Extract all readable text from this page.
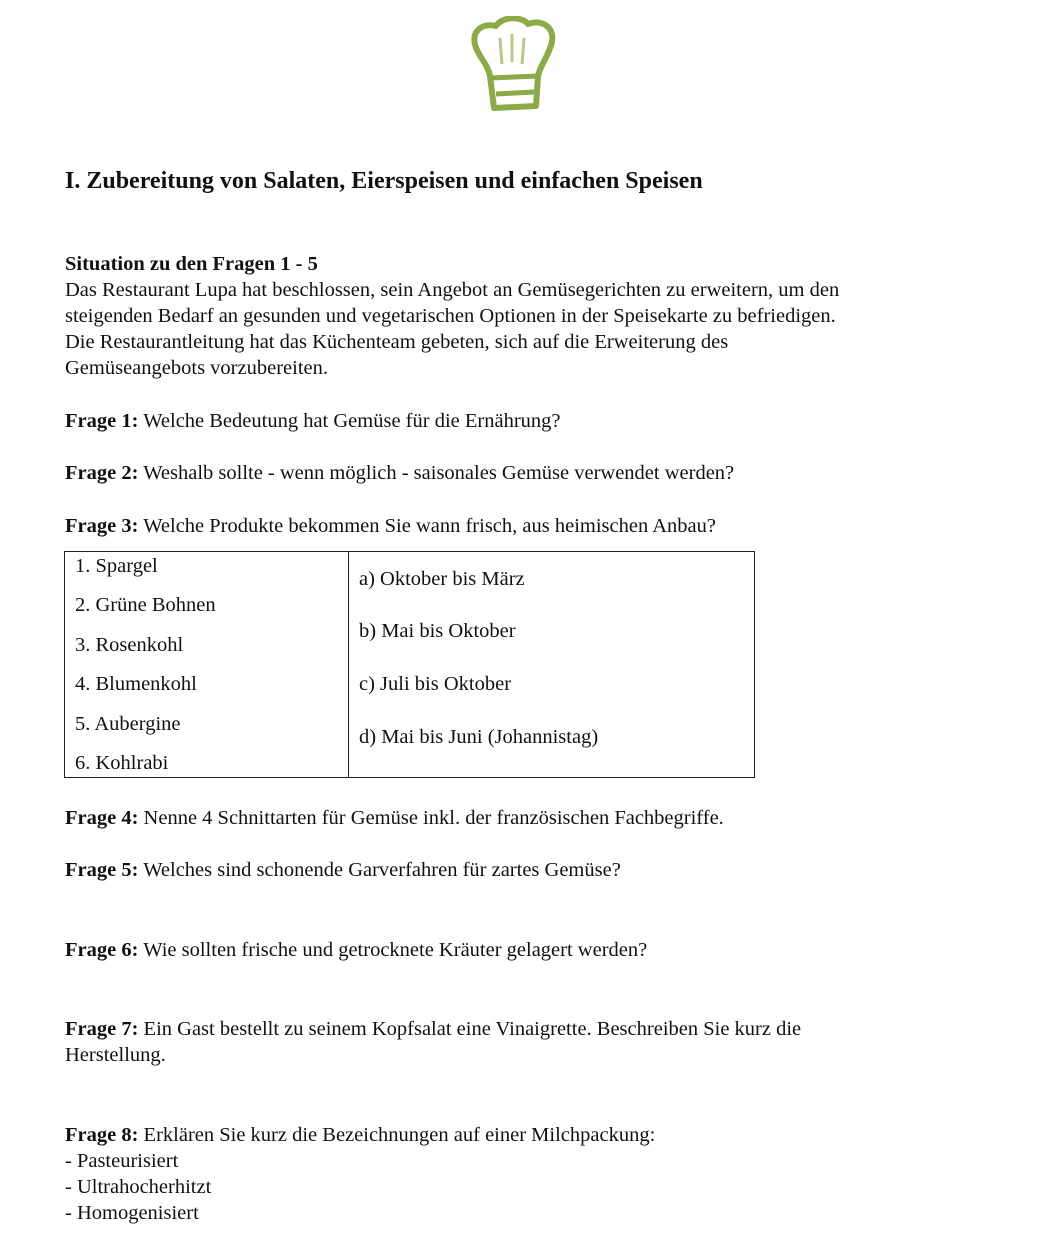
I. Zubereitung von Salaten, Eierspeisen und einfachen Speisen
Situation zu den Fragen 1 - 5
Das Restaurant Lupa hat beschlossen, sein Angebot an Gemüsegerichten zu erweitern, um den
steigenden Bedarf an gesunden und vegetarischen Optionen in der Speisekarte zu befriedigen.
Die Restaurantleitung hat das Küchenteam gebeten, sich auf die Erweiterung des
Gemüseangebots vorzubereiten.
Frage 1: Welche Bedeutung hat Gemüse für die Ernährung?
Frage 2: Weshalb sollte - wenn möglich - saisonales Gemüse verwendet werden?
Frage 3: Welche Produkte bekommen Sie wann frisch, aus heimischen Anbau?
1. Spargel
2. Grüne Bohnen
3. Rosenkohl
4. Blumenkohl
5. Aubergine
6. Kohlrabi

a) Oktober bis März
b) Mai bis Oktober
c) Juli bis Oktober
d) Mai bis Juni (Johannistag)
Frage 4: Nenne 4 Schnittarten für Gemüse inkl. der französischen Fachbegriffe.
Frage 5: Welches sind schonende Garverfahren für zartes Gemüse?
Frage 6: Wie sollten frische und getrocknete Kräuter gelagert werden?
Frage 7: Ein Gast bestellt zu seinem Kopfsalat eine Vinaigrette. Beschreiben Sie kurz die
Herstellung.
Frage 8: Erklären Sie kurz die Bezeichnungen auf einer Milchpackung:
- Pasteurisiert
- Ultrahocherhitzt
- Homogenisiert
